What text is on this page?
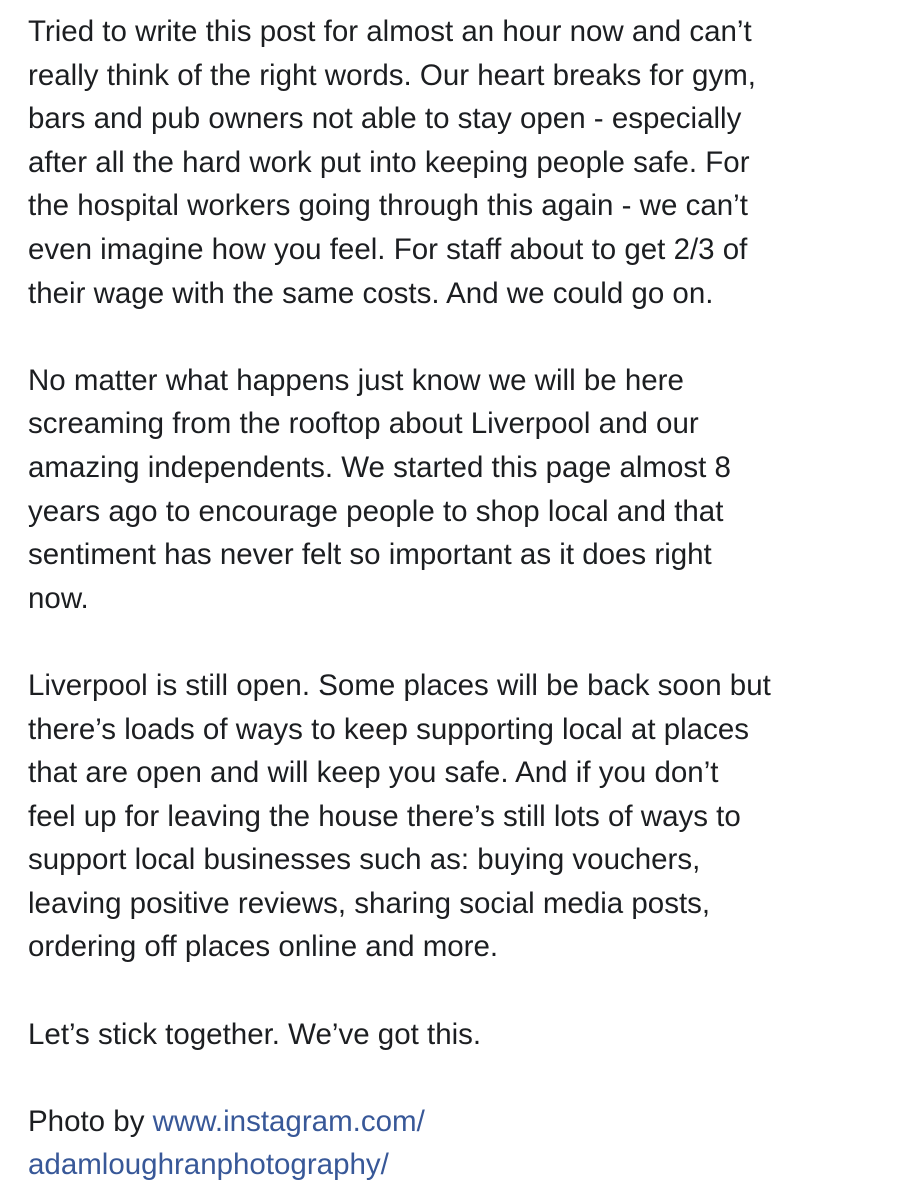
Tried to write this post for almost an hour now and can’t
really think of the right words. Our heart breaks for gym,
bars and pub owners not able to stay open - especially
after all the hard work put into keeping people safe. For
the hospital workers going through this again - we can’t
even imagine how you feel. For staff about to get 2/3 of
their wage with the same costs. And we could go on.

No matter what happens just know we will be here
screaming from the rooftop about Liverpool and our
amazing independents. We started this page almost 8
years ago to encourage people to shop local and that
sentiment has never felt so important as it does right
now.

Liverpool is still open. Some places will be back soon but
there’s loads of ways to keep supporting local at places
that are open and will keep you safe. And if you don’t
feel up for leaving the house there’s still lots of ways to
support local businesses such as: buying vouchers,
leaving positive reviews, sharing social media posts,
ordering off places online and more.

Let’s stick together. We’ve got this.

Photo by www.instagram.com/
adamloughranphotography/
